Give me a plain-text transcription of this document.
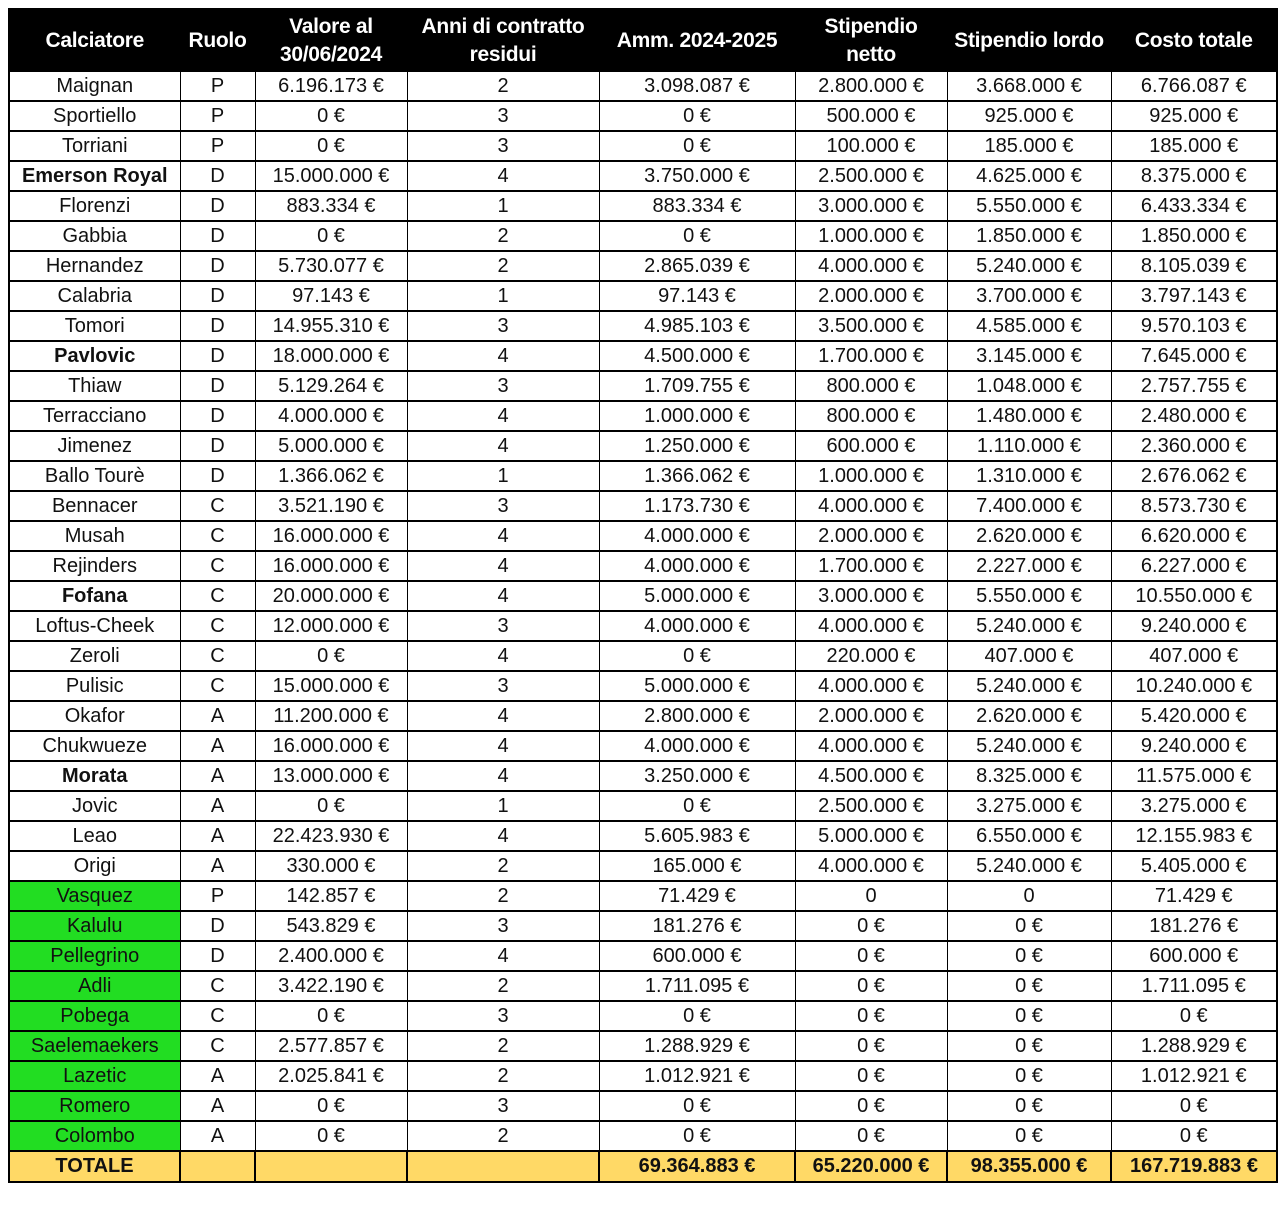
Calciatore	Ruolo	Valore al 30/06/2024	Anni di contratto residui	Amm. 2024-2025	Stipendio netto	Stipendio lordo	Costo totale
Maignan	P	6.196.173 €	2	3.098.087 €	2.800.000 €	3.668.000 €	6.766.087 €
Sportiello	P	0 €	3	0 €	500.000 €	925.000 €	925.000 €
Torriani	P	0 €	3	0 €	100.000 €	185.000 €	185.000 €
Emerson Royal	D	15.000.000 €	4	3.750.000 €	2.500.000 €	4.625.000 €	8.375.000 €
Florenzi	D	883.334 €	1	883.334 €	3.000.000 €	5.550.000 €	6.433.334 €
Gabbia	D	0 €	2	0 €	1.000.000 €	1.850.000 €	1.850.000 €
Hernandez	D	5.730.077 €	2	2.865.039 €	4.000.000 €	5.240.000 €	8.105.039 €
Calabria	D	97.143 €	1	97.143 €	2.000.000 €	3.700.000 €	3.797.143 €
Tomori	D	14.955.310 €	3	4.985.103 €	3.500.000 €	4.585.000 €	9.570.103 €
Pavlovic	D	18.000.000 €	4	4.500.000 €	1.700.000 €	3.145.000 €	7.645.000 €
Thiaw	D	5.129.264 €	3	1.709.755 €	800.000 €	1.048.000 €	2.757.755 €
Terracciano	D	4.000.000 €	4	1.000.000 €	800.000 €	1.480.000 €	2.480.000 €
Jimenez	D	5.000.000 €	4	1.250.000 €	600.000 €	1.110.000 €	2.360.000 €
Ballo Tourè	D	1.366.062 €	1	1.366.062 €	1.000.000 €	1.310.000 €	2.676.062 €
Bennacer	C	3.521.190 €	3	1.173.730 €	4.000.000 €	7.400.000 €	8.573.730 €
Musah	C	16.000.000 €	4	4.000.000 €	2.000.000 €	2.620.000 €	6.620.000 €
Rejinders	C	16.000.000 €	4	4.000.000 €	1.700.000 €	2.227.000 €	6.227.000 €
Fofana	C	20.000.000 €	4	5.000.000 €	3.000.000 €	5.550.000 €	10.550.000 €
Loftus-Cheek	C	12.000.000 €	3	4.000.000 €	4.000.000 €	5.240.000 €	9.240.000 €
Zeroli	C	0 €	4	0 €	220.000 €	407.000 €	407.000 €
Pulisic	C	15.000.000 €	3	5.000.000 €	4.000.000 €	5.240.000 €	10.240.000 €
Okafor	A	11.200.000 €	4	2.800.000 €	2.000.000 €	2.620.000 €	5.420.000 €
Chukwueze	A	16.000.000 €	4	4.000.000 €	4.000.000 €	5.240.000 €	9.240.000 €
Morata	A	13.000.000 €	4	3.250.000 €	4.500.000 €	8.325.000 €	11.575.000 €
Jovic	A	0 €	1	0 €	2.500.000 €	3.275.000 €	3.275.000 €
Leao	A	22.423.930 €	4	5.605.983 €	5.000.000 €	6.550.000 €	12.155.983 €
Origi	A	330.000 €	2	165.000 €	4.000.000 €	5.240.000 €	5.405.000 €
Vasquez	P	142.857 €	2	71.429 €	0	0	71.429 €
Kalulu	D	543.829 €	3	181.276 €	0 €	0 €	181.276 €
Pellegrino	D	2.400.000 €	4	600.000 €	0 €	0 €	600.000 €
Adli	C	3.422.190 €	2	1.711.095 €	0 €	0 €	1.711.095 €
Pobega	C	0 €	3	0 €	0 €	0 €	0 €
Saelemaekers	C	2.577.857 €	2	1.288.929 €	0 €	0 €	1.288.929 €
Lazetic	A	2.025.841 €	2	1.012.921 €	0 €	0 €	1.012.921 €
Romero	A	0 €	3	0 €	0 €	0 €	0 €
Colombo	A	0 €	2	0 €	0 €	0 €	0 €
TOTALE				69.364.883 €	65.220.000 €	98.355.000 €	167.719.883 €
